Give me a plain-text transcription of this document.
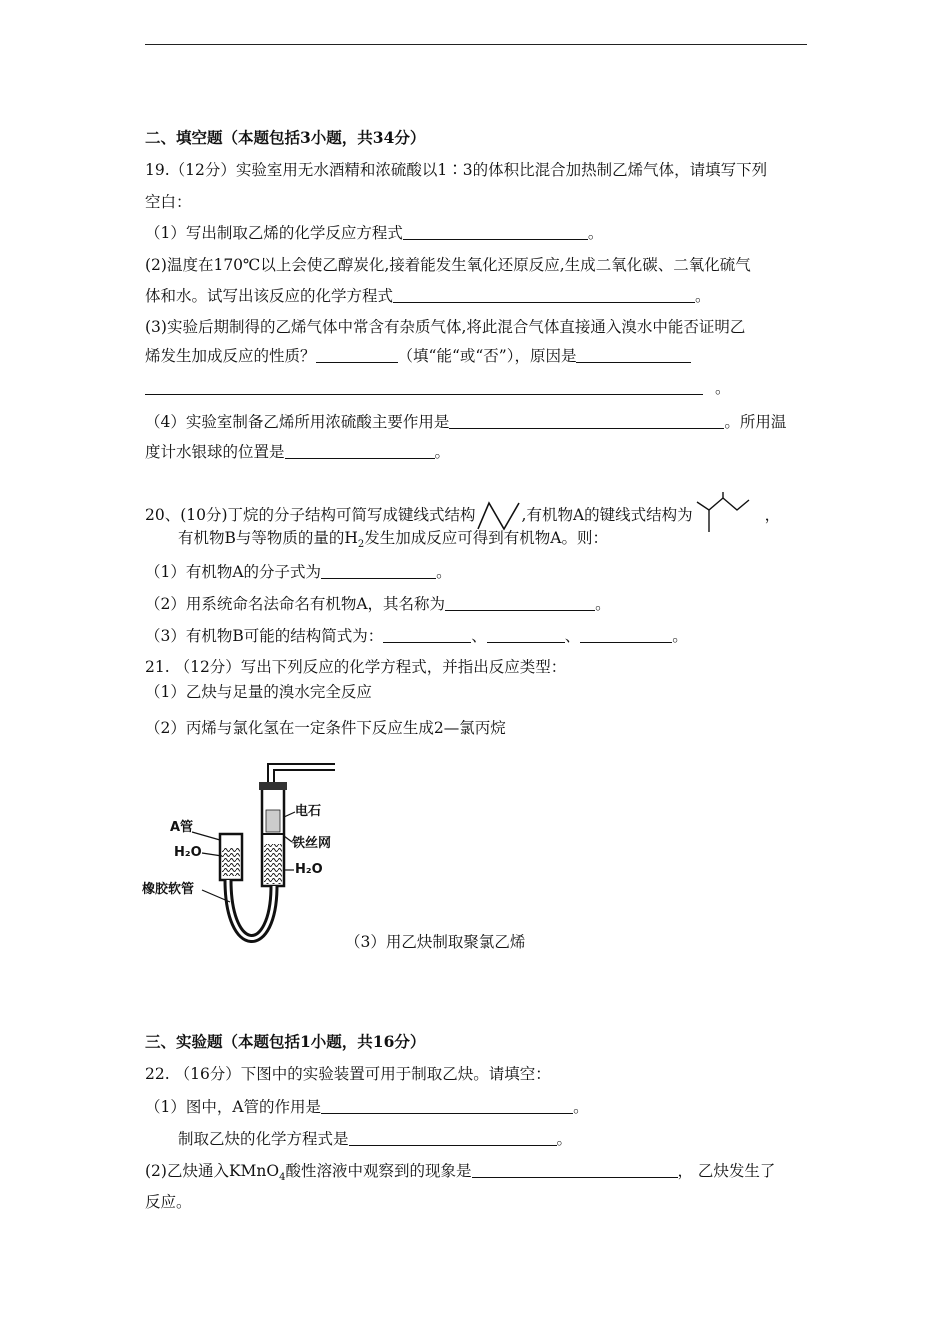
二、填空题（本题包括3小题，共34分）
19.（12分）实验室用无水酒精和浓硫酸以1∶3的体积比混合加热制乙烯气体，请填写下列
空白：
（1）写出制取乙烯的化学反应方程式	。
(2)温度在170℃以上会使乙醇炭化,接着能发生氧化还原反应,生成二氧化碳、二氧化硫气
体和水。试写出该反应的化学方程式	。
(3)实验后期制得的乙烯气体中常含有杂质气体,将此混合气体直接通入溴水中能否证明乙
烯发生加成反应的性质？	（填“能“或“否”），原因是
。
（4）实验室制备乙烯所用浓硫酸主要作用是	。所用温
度计水银球的位置是	。
20、(10分)丁烷的分子结构可简写成键线式结构	,有机物A的键线式结构为	，
有机物B与等物质的量的$H_2$发生加成反应可得到有机物A。则：
（1）有机物A的分子式为	。
（2）用系统命名法命名有机物A，其名称为	。
（3）有机物B可能的结构简式为：	、	、	。
21. （12分）写出下列反应的化学方程式，并指出反应类型：
（1）乙炔与足量的溴水完全反应
（2）丙烯与氯化氢在一定条件下反应生成2—氯丙烷
A管
H₂O
橡胶软管
电石
铁丝网
H₂O
（3）用乙炔制取聚氯乙烯
三、实验题（本题包括1小题，共16分）
22. （16分）下图中的实验装置可用于制取乙炔。请填空：
（1）图中，A管的作用是	。
制取乙炔的化学方程式是	。
(2)乙炔通入KMnO$_4$酸性溶液中观察到的现象是	， 乙炔发生了
反应。
